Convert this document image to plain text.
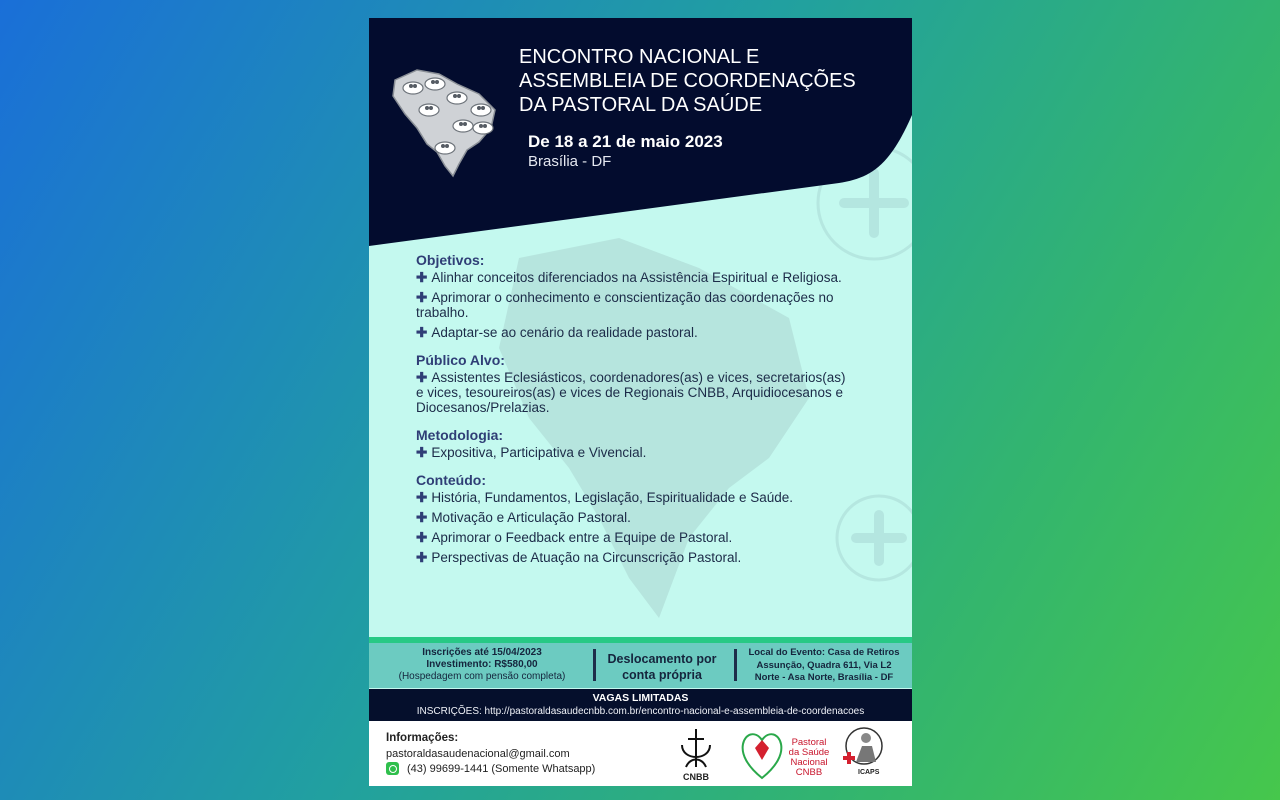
ENCONTRO NACIONAL E
ASSEMBLEIA DE COORDENAÇÕES
DA PASTORAL DA SAÚDE
De 18 a 21 de maio 2023
Brasília - DF
Objetivos:
✚ Alinhar conceitos diferenciados na Assistência Espiritual e Religiosa.
✚ Aprimorar o conhecimento e conscientização das coordenações no trabalho.
✚ Adaptar-se ao cenário da realidade pastoral.
Público Alvo:
✚ Assistentes Eclesiásticos, coordenadores(as) e vices, secretarios(as) e vices, tesoureiros(as) e vices de Regionais CNBB, Arquidiocesanos e Diocesanos/Prelazias.
Metodologia:
✚ Expositiva, Participativa e Vivencial.
Conteúdo:
✚ História, Fundamentos, Legislação, Espiritualidade e Saúde.
✚ Motivação e Articulação Pastoral.
✚ Aprimorar o Feedback entre a Equipe de Pastoral.
✚ Perspectivas de Atuação na Circunscrição Pastoral.
Inscrições até 15/04/2023
Investimento: R$580,00
(Hospedagem com pensão completa)
Deslocamento por
conta própria
Local do Evento: Casa de Retiros
Assunção, Quadra 611, Via L2
Norte - Asa Norte, Brasília - DF
VAGAS LIMITADAS
INSCRIÇÕES: http://pastoraldasaudecnbb.com.br/encontro-nacional-e-assembleia-de-coordenacoes
Informações:
pastoraldasaudenacional@gmail.com
(43) 99699-1441 (Somente Whatsapp)
CNBB
Pastoral
da Saúde
Nacional
CNBB	ICAPS
